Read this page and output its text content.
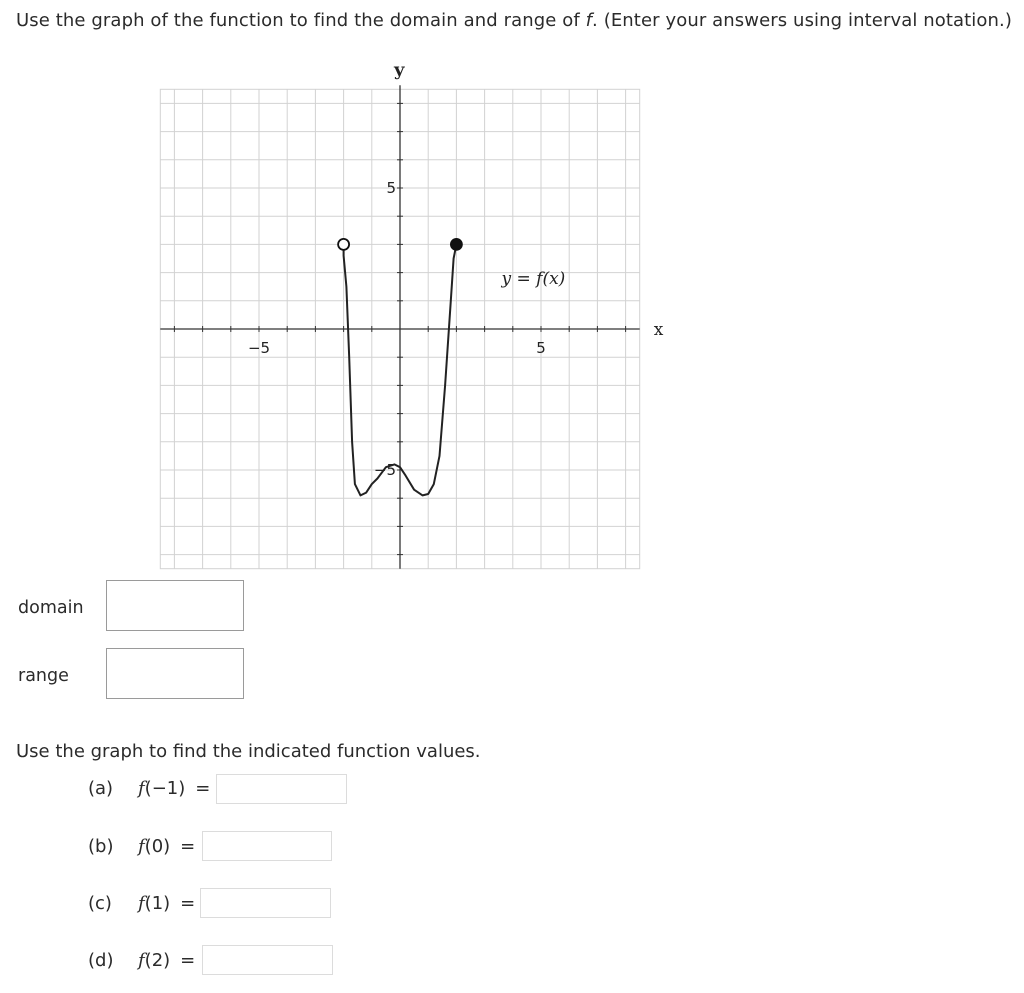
Use the graph of the function to find the domain and range of f. (Enter your answers using interval notation.)
x
y
−5	5
5
−5
y = f(x)
domain
range
Use the graph to find the indicated function values.
(a) f(−1) =
(b) f(0) =
(c) f(1) =
(d) f(2) =
